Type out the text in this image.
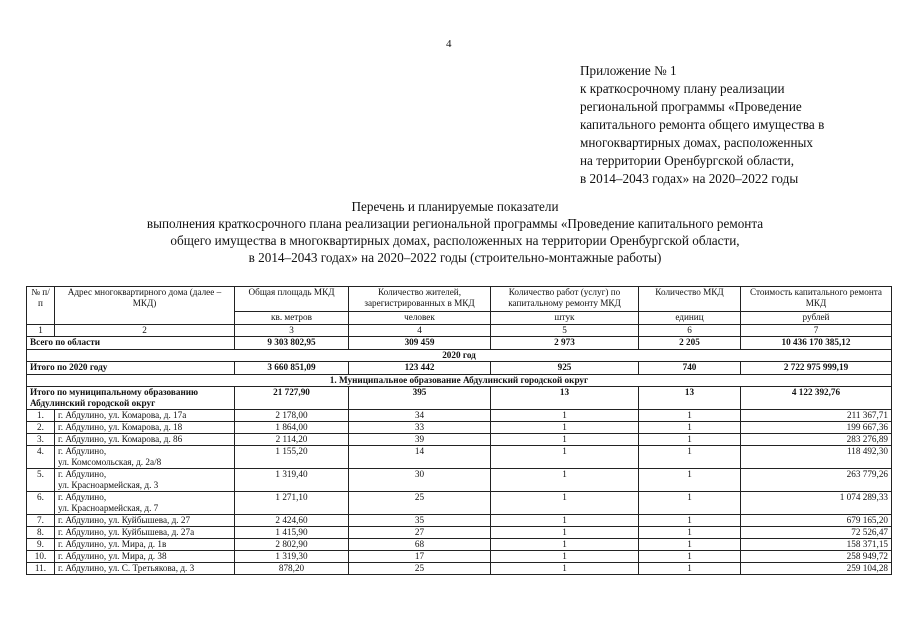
4
Приложение № 1
к краткосрочному плану реализации
региональной программы «Проведение
капитального ремонта общего имущества в
многоквартирных домах, расположенных
на территории Оренбургской области,
в 2014–2043 годах» на 2020–2022 годы
Перечень и планируемые показатели
выполнения краткосрочного плана реализации региональной программы «Проведение капитального ремонта
общего имущества в многоквартирных домах, расположенных на территории Оренбургской области,
в 2014–2043 годах» на 2020–2022 годы (строительно-монтажные работы)
№ п/п	Адрес многоквартирного дома (далее – МКД)	Общая площадь МКД	Количество жителей, зарегистрированных в МКД	Количество работ (услуг) по капитальному ремонту МКД	Количество МКД	Стоимость капитального ремонта МКД
		кв. метров	человек	штук	единиц	рублей
1	2	3	4	5	6	7
Всего по области		9 303 802,95	309 459	2 973	2 205	10 436 170 385,12
2020 год						
Итого по 2020 году		3 660 851,09	123 442	925	740	2 722 975 999,19
1. Муниципальное образование Абдулинский городской округ						
Итого по муниципальному образованию Абдулинский городской округ		21 727,90	395	13	13	4 122 392,76
1.	г. Абдулино, ул. Комарова, д. 17а	2 178,00	34	1	1	211 367,71
2.	г. Абдулино, ул. Комарова, д. 18	1 864,00	33	1	1	199 667,36
3.	г. Абдулино, ул. Комарова, д. 86	2 114,20	39	1	1	283 276,89
4.	г. Абдулино,
ул. Комсомольская, д. 2а/8	1 155,20	14	1	1	118 492,30
5.	г. Абдулино,
ул. Красноармейская, д. 3	1 319,40	30	1	1	263 779,26
6.	г. Абдулино,
ул. Красноармейская, д. 7	1 271,10	25	1	1	1 074 289,33
7.	г. Абдулино, ул. Куйбышева, д. 27	2 424,60	35	1	1	679 165,20
8.	г. Абдулино, ул. Куйбышева, д. 27а	1 415,90	27	1	1	72 526,47
9.	г. Абдулино, ул. Мира, д. 1в	2 802,90	68	1	1	158 371,15
10.	г. Абдулино, ул. Мира, д. 38	1 319,30	17	1	1	258 949,72
11.	г. Абдулино, ул. С. Третьякова, д. 3	878,20	25	1	1	259 104,28
